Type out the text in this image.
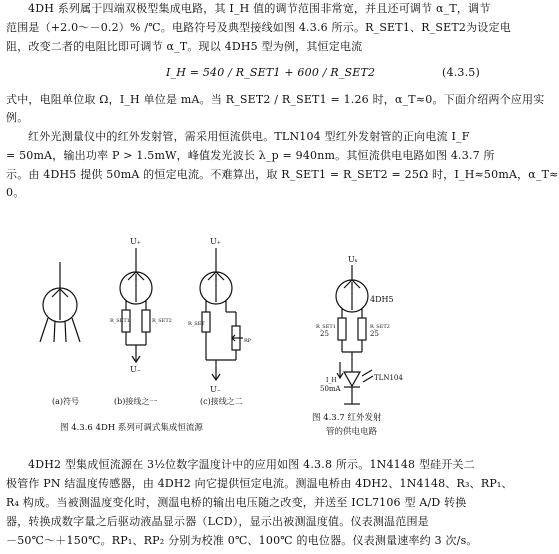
4DH 系列属于四端双极型集成电路，其 I_H 值的调节范围非常宽，并且还可调节 α_T，调节
范围是（+2.0～－0.2）% /℃。电路符号及典型接线如图 4.3.6 所示。R_SET1、R_SET2为设定电
阻，改变二者的电阻比即可调节 α_T。现以 4DH5 型为例，其恒定电流
I_H = 540 / R_SET1 + 600 / R_SET2	(4.3.5)
式中，电阻单位取 Ω，I_H 单位是 mA。当 R_SET2 / R_SET1 = 1.26 时，α_T≈0。下面介绍两个应用实
例。
红外光测量仪中的红外发射管，需采用恒流供电。TLN104 型红外发射管的正向电流 I_F
= 50mA，输出功率 P > 1.5mW，峰值发光波长 λ_p = 940nm。其恒流供电电路如图 4.3.7 所
示。由 4DH5 提供 50mA 的恒定电流。不难算出，取 R_SET1 = R_SET2 = 25Ω 时，I_H≈50mA，α_T≈
0。
(a)符号	(b)接线之一	(c)接线之二
U₊
R_SET1	R_SET2
U₋
U₊
R_SET
RP
U₋
图 4.3.6 4DH 系列可调式集成恒流源
Uₛ
4DH5
R_SET1
25
R_SET2
25
I_H
50mA
TLN104
图 4.3.7 红外发射
管的供电电路
4DH2 型集成恒流源在 3½位数字温度计中的应用如图 4.3.8 所示。1N4148 型硅开关二
极管作 PN 结温度传感器，由 4DH2 向它提供恒定电流。测温电桥由 4DH2、1N4148、R₃、RP₁、
R₄ 构成。当被测温度变化时，测温电桥的输出电压随之改变，并送至 ICL7106 型 A/D 转换
器，转换成数字量之后驱动液晶显示器（LCD），显示出被测温度值。仪表测温范围是
－50℃～＋150℃。RP₁、RP₂ 分别为校准 0℃、100℃ 的电位器。仪表测量速率约 3 次/s。
